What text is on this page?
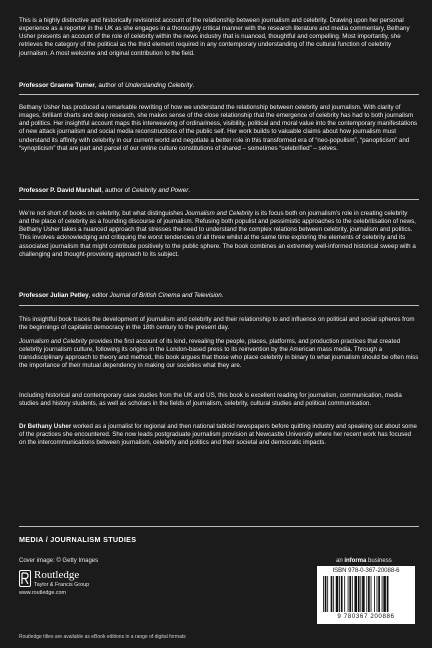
This is a highly distinctive and historically revisionist account of the relationship between journalism and celebrity. Drawing upon her personal experience as a reporter in the UK as she engages in a thoroughly critical manner with the research literature and media commentary, Bethany Usher presents an account of the role of celebrity within the news industry that is nuanced, thoughtful and compelling. Most importantly, she retrieves the category of the political as the third element required in any contemporary understanding of the cultural function of celebrity journalism. A most welcome and original contribution to the field.

Professor Graeme Turner, author of Understanding Celebrity.

Bethany Usher has produced a remarkable rewriting of how we understand the relationship between celebrity and journalism. With clarity of images, brilliant charts and deep research, she makes sense of the close relationship that the emergence of celebrity has had to both journalism and politics. Her insightful account maps this interweaving of ordinariness, visibility, political and moral value into the contemporary manifestations of new attack journalism and social media reconstructions of the public self. Her work builds to valuable claims about how journalism must understand its affinity with celebrity in our current world and negotiate a better role in this transformed era of “neo-populism”, “panopticism” and “synopticism” that are part and parcel of our online culture constitutions of shared – sometimes “celebrified” – selves.

Professor P. David Marshall, author of Celebrity and Power.

We’re not short of books on celebrity, but what distinguishes Journalism and Celebrity is its focus both on journalism’s role in creating celebrity and the place of celebrity as a founding discourse of journalism. Refusing both populist and pessimistic approaches to the celebritisation of news, Bethany Usher takes a nuanced approach that stresses the need to understand the complex relations between celebrity, journalism and politics. This involves acknowledging and critiquing the worst tendencies of all three whilst at the same time exploring the elements of celebrity and its associated journalism that might contribute positively to the public sphere. The book combines an extremely well-informed historical sweep with a challenging and thought-provoking approach to its subject.

Professor Julian Petley, editor Journal of British Cinema and Television.

This insightful book traces the development of journalism and celebrity and their relationship to and influence on political and social spheres from the beginnings of capitalist democracy in the 18th century to the present day.

Journalism and Celebrity provides the first account of its kind, revealing the people, places, platforms, and production practices that created celebrity journalism culture, following its origins in the London-based press to its reinvention by the American mass media. Through a transdisciplinary approach to theory and method, this book argues that those who place celebrity in binary to what journalism should be often miss the importance of their mutual dependency in making our societies what they are.

Including historical and contemporary case studies from the UK and US, this book is excellent reading for journalism, communication, media studies and history students, as well as scholars in the fields of journalism, celebrity, cultural studies and political communication.

Dr Bethany Usher worked as a journalist for regional and then national tabloid newspapers before quitting industry and speaking out about some of the practices she encountered. She now leads postgraduate journalism provision at Newcastle University where her recent work has focused on the intercommunications between journalism, celebrity and politics and their societal and democratic impacts.

MEDIA / JOURNALISM STUDIES
Cover image: © Getty Images
Routledge
Taylor & Francis Group
www.routledge.com
an informa business
ISBN 978-0-367-20088-6
9 780367 200886
Routledge titles are available as eBook editions in a range of digital formats
